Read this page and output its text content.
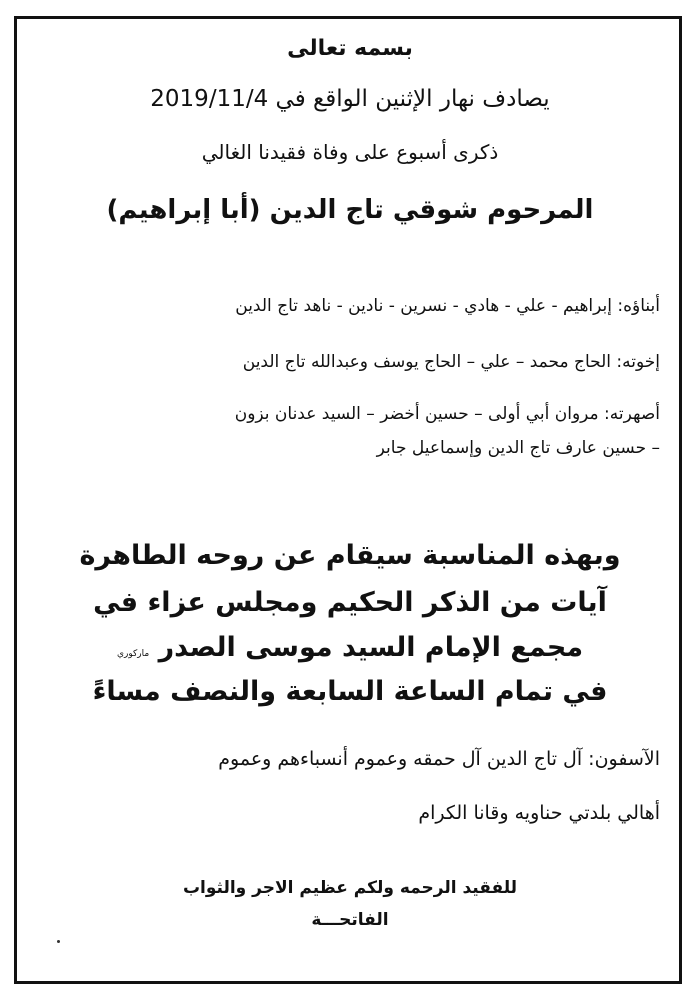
بسمه تعالى
يصادف نهار الإثنين الواقع في 2019/11/4
ذكرى أسبوع على وفاة فقيدنا الغالي
المرحوم شوقي تاج الدين (أبا إبراهيم)
أبناؤه: إبراهيم - علي - هادي - نسرين - نادين - ناهد تاج الدين
إخوته: الحاج محمد – علي – الحاج يوسف وعبدالله تاج الدين
أصهرته: مروان أبي أولى – حسين أخضر – السيد عدنان بزون
– حسين عارف تاج الدين وإسماعيل جابر
وبهذه المناسبة سيقام عن روحه الطاهرة
آيات من الذكر الحكيم ومجلس عزاء في
مجمع الإمام السيد موسى الصدر ماركوري
في تمام الساعة السابعة والنصف مساءً
الآسفون: آل تاج الدين آل حمقه وعموم أنسباءهم وعموم
أهالي بلدتي حناويه وقانا الكرام
للفقيد الرحمه ولكم عظيم الاجر والثواب
الفاتحـــة
